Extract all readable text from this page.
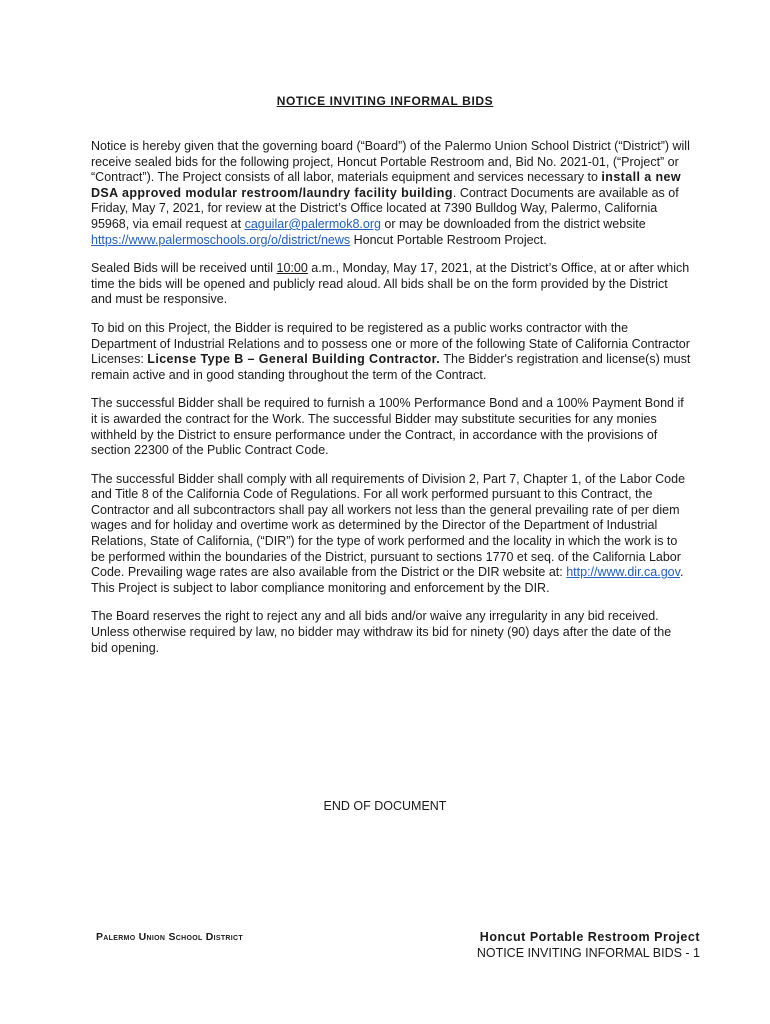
NOTICE INVITING INFORMAL BIDS

Notice is hereby given that the governing board (“Board”) of the Palermo Union School District (“District”) will receive sealed bids for the following project, Honcut Portable Restroom and, Bid No. 2021-01, (“Project” or “Contract”). The Project consists of all labor, materials equipment and services necessary to install a new DSA approved modular restroom/laundry facility building. Contract Documents are available as of Friday, May 7, 2021, for review at the District’s Office located at 7390 Bulldog Way, Palermo, California 95968, via email request at caguilar@palermok8.org or may be downloaded from the district website https://www.palermoschools.org/o/district/news Honcut Portable Restroom Project.

Sealed Bids will be received until 10:00 a.m., Monday, May 17, 2021, at the District’s Office, at or after which time the bids will be opened and publicly read aloud. All bids shall be on the form provided by the District and must be responsive.

To bid on this Project, the Bidder is required to be registered as a public works contractor with the Department of Industrial Relations and to possess one or more of the following State of California Contractor Licenses: License Type B – General Building Contractor. The Bidder's registration and license(s) must remain active and in good standing throughout the term of the Contract.

The successful Bidder shall be required to furnish a 100% Performance Bond and a 100% Payment Bond if it is awarded the contract for the Work. The successful Bidder may substitute securities for any monies withheld by the District to ensure performance under the Contract, in accordance with the provisions of section 22300 of the Public Contract Code.

The successful Bidder shall comply with all requirements of Division 2, Part 7, Chapter 1, of the Labor Code and Title 8 of the California Code of Regulations. For all work performed pursuant to this Contract, the Contractor and all subcontractors shall pay all workers not less than the general prevailing rate of per diem wages and for holiday and overtime work as determined by the Director of the Department of Industrial Relations, State of California, (“DIR”) for the type of work performed and the locality in which the work is to be performed within the boundaries of the District, pursuant to sections 1770 et seq. of the California Labor Code. Prevailing wage rates are also available from the District or the DIR website at: http://www.dir.ca.gov. This Project is subject to labor compliance monitoring and enforcement by the DIR.

The Board reserves the right to reject any and all bids and/or waive any irregularity in any bid received. Unless otherwise required by law, no bidder may withdraw its bid for ninety (90) days after the date of the bid opening.

END OF DOCUMENT
Palermo Union School District	Honcut Portable Restroom Project
NOTICE INVITING INFORMAL BIDS - 1
